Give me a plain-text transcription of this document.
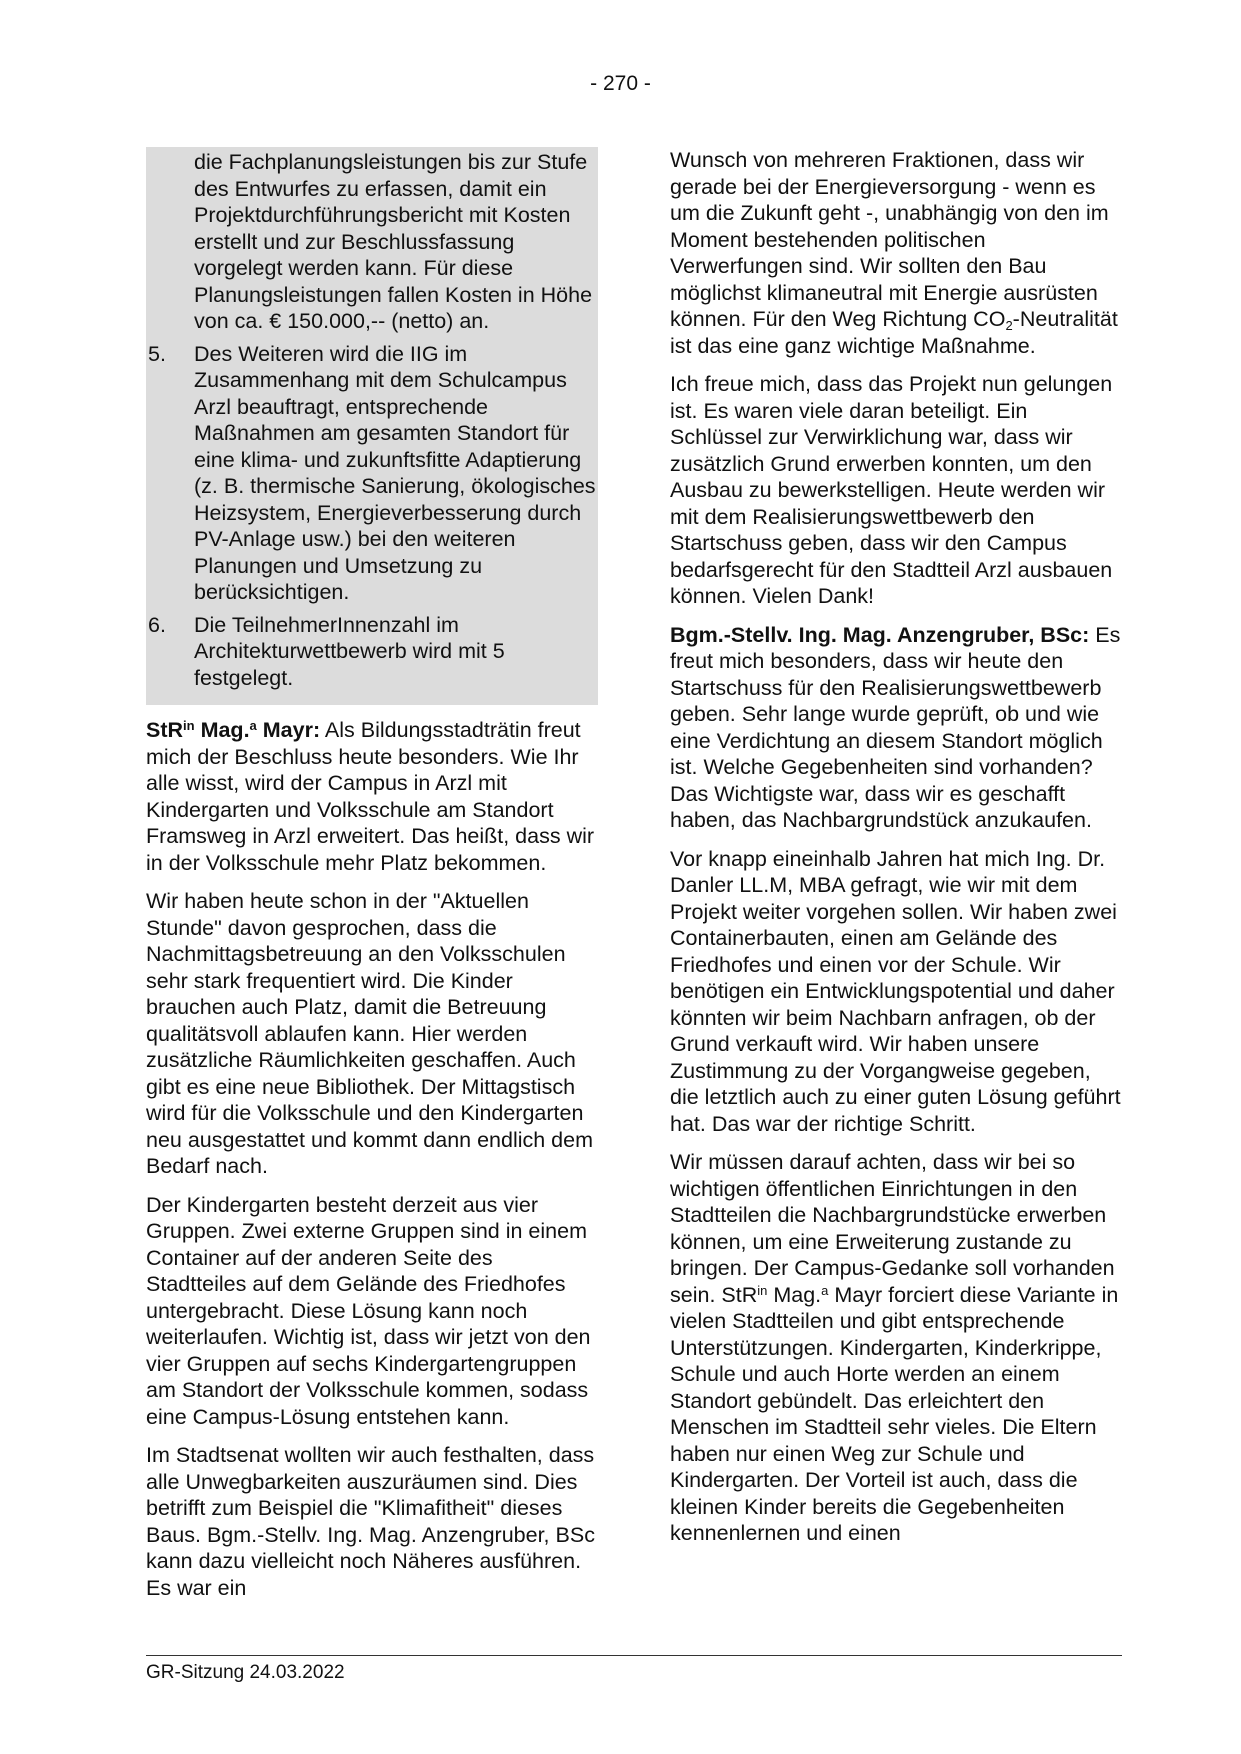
- 270 -
die Fachplanungsleistungen bis zur Stufe des Entwurfes zu erfassen, damit ein Projektdurchführungsbericht mit Kosten erstellt und zur Beschlussfassung vorgelegt werden kann. Für diese Planungsleistungen fallen Kosten in Höhe von ca. € 150.000,-- (netto) an.
5. Des Weiteren wird die IIG im Zusammenhang mit dem Schulcampus Arzl beauftragt, entsprechende Maßnahmen am gesamten Standort für eine klima- und zukunftsfitte Adaptierung (z. B. thermische Sanierung, ökologisches Heizsystem, Energieverbesserung durch PV-Anlage usw.) bei den weiteren Planungen und Umsetzung zu berücksichtigen.
6. Die TeilnehmerInnenzahl im Architekturwettbewerb wird mit 5 festgelegt.

StR$^{in}$ Mag.$^a$ Mayr: Als Bildungsstadträtin freut mich der Beschluss heute besonders. Wie Ihr alle wisst, wird der Campus in Arzl mit Kindergarten und Volksschule am Standort Framsweg in Arzl erweitert. Das heißt, dass wir in der Volksschule mehr Platz bekommen.

Wir haben heute schon in der "Aktuellen Stunde" davon gesprochen, dass die Nachmittagsbetreuung an den Volksschulen sehr stark frequentiert wird. Die Kinder brauchen auch Platz, damit die Betreuung qualitätsvoll ablaufen kann. Hier werden zusätzliche Räumlichkeiten geschaffen. Auch gibt es eine neue Bibliothek. Der Mittagstisch wird für die Volksschule und den Kindergarten neu ausgestattet und kommt dann endlich dem Bedarf nach.

Der Kindergarten besteht derzeit aus vier Gruppen. Zwei externe Gruppen sind in einem Container auf der anderen Seite des Stadtteiles auf dem Gelände des Friedhofes untergebracht. Diese Lösung kann noch weiterlaufen. Wichtig ist, dass wir jetzt von den vier Gruppen auf sechs Kindergartengruppen am Standort der Volksschule kommen, sodass eine Campus-Lösung entstehen kann.

Im Stadtsenat wollten wir auch festhalten, dass alle Unwegbarkeiten auszuräumen sind. Dies betrifft zum Beispiel die "Klimafitheit" dieses Baus. Bgm.-Stellv. Ing. Mag. Anzengruber, BSc kann dazu vielleicht noch Näheres ausführen. Es war ein

Wunsch von mehreren Fraktionen, dass wir gerade bei der Energieversorgung - wenn es um die Zukunft geht -, unabhängig von den im Moment bestehenden politischen Verwerfungen sind. Wir sollten den Bau möglichst klimaneutral mit Energie ausrüsten können. Für den Weg Richtung $CO_2$-Neutralität ist das eine ganz wichtige Maßnahme.

Ich freue mich, dass das Projekt nun gelungen ist. Es waren viele daran beteiligt. Ein Schlüssel zur Verwirklichung war, dass wir zusätzlich Grund erwerben konnten, um den Ausbau zu bewerkstelligen. Heute werden wir mit dem Realisierungswettbewerb den Startschuss geben, dass wir den Campus bedarfsgerecht für den Stadtteil Arzl ausbauen können. Vielen Dank!

Bgm.-Stellv. Ing. Mag. Anzengruber, BSc: Es freut mich besonders, dass wir heute den Startschuss für den Realisierungswettbewerb geben. Sehr lange wurde geprüft, ob und wie eine Verdichtung an diesem Standort möglich ist. Welche Gegebenheiten sind vorhanden? Das Wichtigste war, dass wir es geschafft haben, das Nachbargrundstück anzukaufen.

Vor knapp eineinhalb Jahren hat mich Ing. Dr. Danler LL.M, MBA gefragt, wie wir mit dem Projekt weiter vorgehen sollen. Wir haben zwei Containerbauten, einen am Gelände des Friedhofes und einen vor der Schule. Wir benötigen ein Entwicklungspotential und daher könnten wir beim Nachbarn anfragen, ob der Grund verkauft wird. Wir haben unsere Zustimmung zu der Vorgangweise gegeben, die letztlich auch zu einer guten Lösung geführt hat. Das war der richtige Schritt.

Wir müssen darauf achten, dass wir bei so wichtigen öffentlichen Einrichtungen in den Stadtteilen die Nachbargrundstücke erwerben können, um eine Erweiterung zustande zu bringen. Der Campus-Gedanke soll vorhanden sein. StR$^{in}$ Mag.$^a$ Mayr forciert diese Variante in vielen Stadtteilen und gibt entsprechende Unterstützungen. Kindergarten, Kinderkrippe, Schule und auch Horte werden an einem Standort gebündelt. Das erleichtert den Menschen im Stadtteil sehr vieles. Die Eltern haben nur einen Weg zur Schule und Kindergarten. Der Vorteil ist auch, dass die kleinen Kinder bereits die Gegebenheiten kennenlernen und einen

GR-Sitzung 24.03.2022
